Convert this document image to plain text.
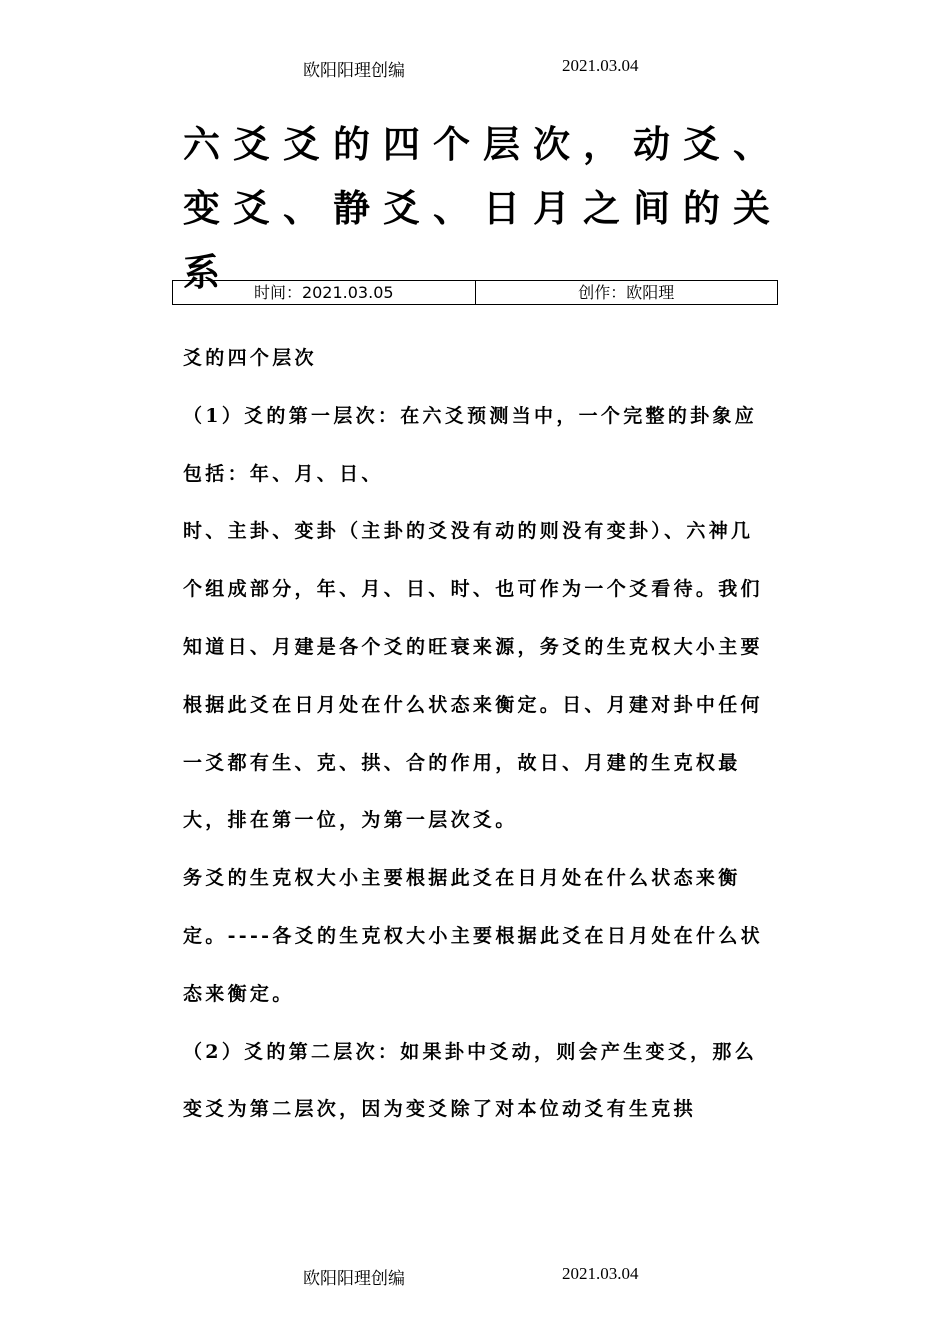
欧阳阳理创编	2021.03.04
六爻爻的四个层次，动爻、变爻、静爻、日月之间的关系	时间：2021.03.05	创作：欧阳理

爻的四个层次

（1）爻的第一层次：在六爻预测当中，一个完整的卦象应包括：年、月、日、

时、主卦、变卦（主卦的爻没有动的则没有变卦）、六神几个组成部分，年、月、日、时、也可作为一个爻看待。我们知道日、月建是各个爻的旺衰来源，务爻的生克权大小主要根据此爻在日月处在什么状态来衡定。日、月建对卦中任何一爻都有生、克、拱、合的作用，故日、月建的生克权最大，排在第一位，为第一层次爻。

务爻的生克权大小主要根据此爻在日月处在什么状态来衡定。----各爻的生克权大小主要根据此爻在日月处在什么状态来衡定。

（2）爻的第二层次：如果卦中爻动，则会产生变爻，那么变爻为第二层次，因为变爻除了对本位动爻有生克拱

欧阳阳理创编	2021.03.04
